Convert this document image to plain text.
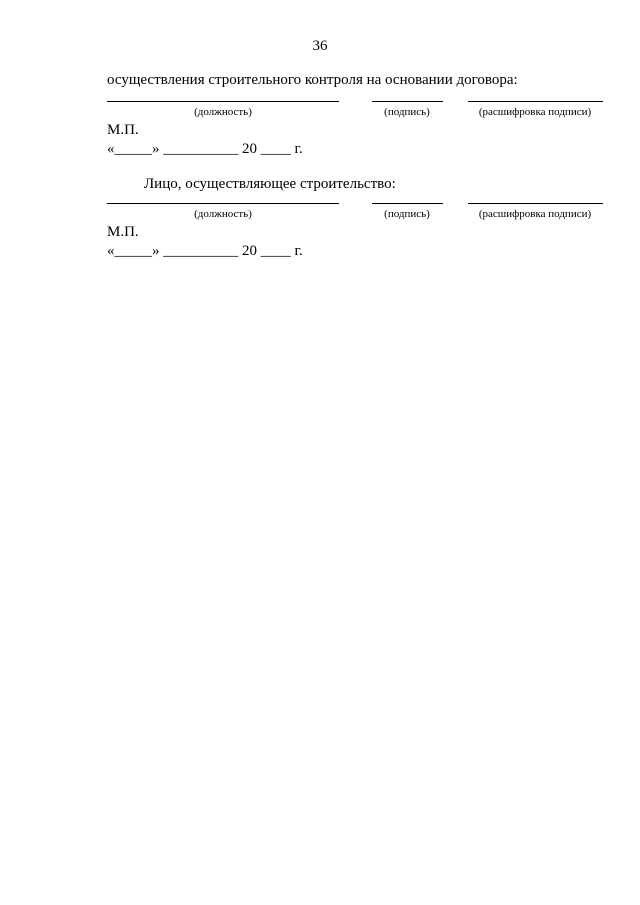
36
осуществления строительного контроля на основании договора:
(должность)	(подпись)	(расшифровка подписи)
М.П.
«_____» __________ 20 ____ г.
Лицо, осуществляющее строительство:
(должность)	(подпись)	(расшифровка подписи)
М.П.
«_____» __________ 20 ____ г.
